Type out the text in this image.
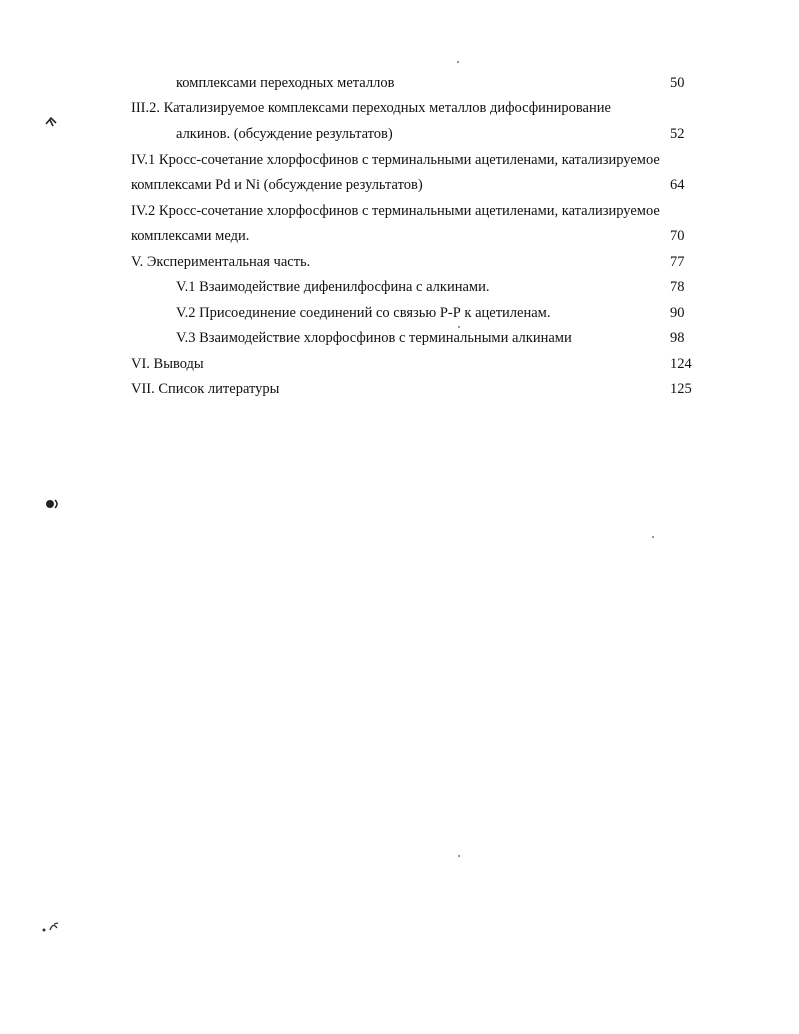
комплексами переходных металлов	50
III.2. Катализируемое комплексами переходных металлов дифосфинирование
алкинов. (обсуждение результатов)	52
IV.1 Кросс-сочетание хлорфосфинов с терминальными ацетиленами, катализируемое
комплексами Pd и Ni (обсуждение результатов)	64
IV.2 Кросс-сочетание хлорфосфинов с терминальными ацетиленами, катализируемое
комплексами меди.	70
V. Экспериментальная часть.	77
V.1 Взаимодействие дифенилфосфина с алкинами.	78
V.2 Присоединение соединений со связью Р-Р к ацетиленам.	90
V.3 Взаимодействие хлорфосфинов с терминальными алкинами	98
VI. Выводы	124
VII. Список литературы	125
